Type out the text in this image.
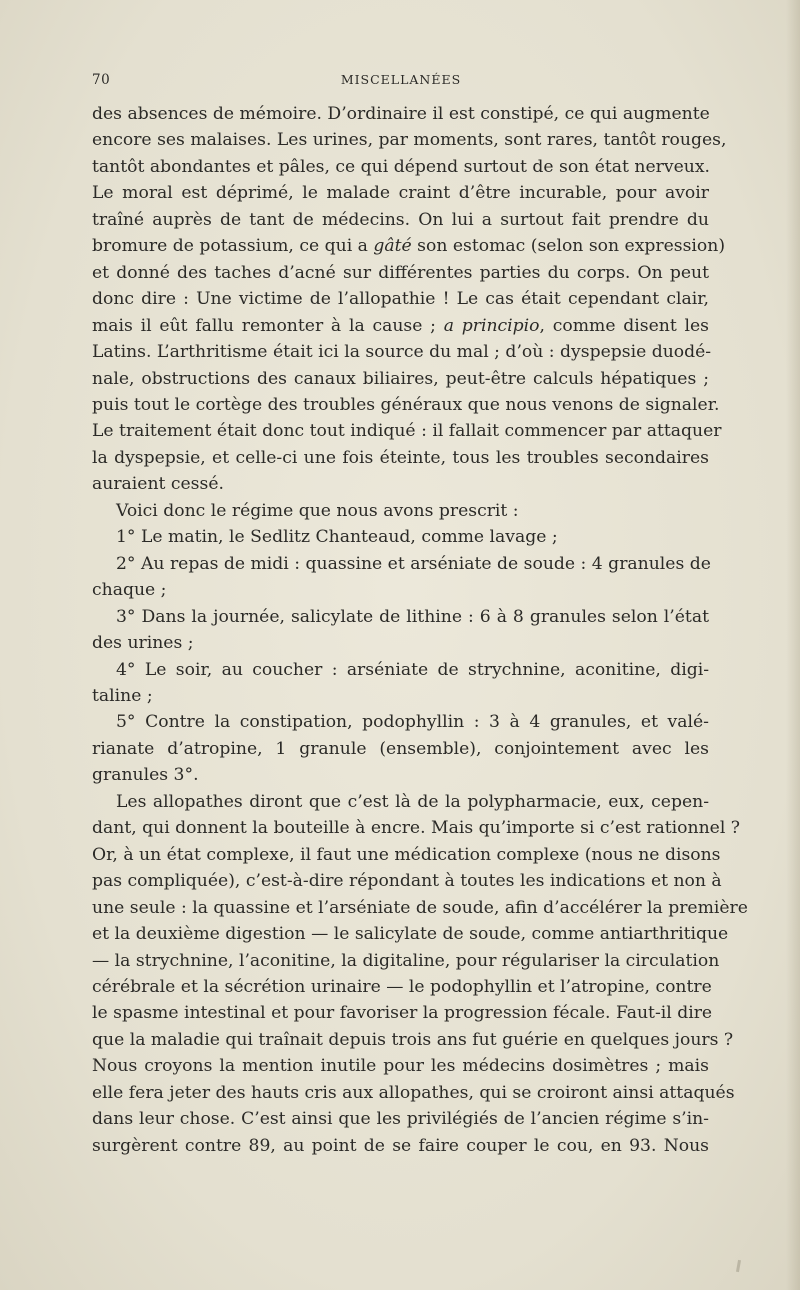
70	MISCELLANÉES
des absences de mémoire. D’ordinaire il est constipé, ce qui augmente
encore ses malaises. Les urines, par moments, sont rares, tantôt rouges,
tantôt abondantes et pâles, ce qui dépend surtout de son état nerveux.
Le moral est déprimé, le malade craint d’être incurable, pour avoir
traîné auprès de tant de médecins. On lui a surtout fait prendre du
bromure de potassium, ce qui a gâté son estomac (selon son expression)
et donné des taches d’acné sur différentes parties du corps. On peut
donc dire : Une victime de l’allopathie ! Le cas était cependant clair,
mais il eût fallu remonter à la cause ; a principio, comme disent les
Latins. L’arthritisme était ici la source du mal ; d’où : dyspepsie duodé-
nale, obstructions des canaux biliaires, peut-être calculs hépatiques ;
puis tout le cortège des troubles généraux que nous venons de signaler.
Le traitement était donc tout indiqué : il fallait commencer par attaquer
la dyspepsie, et celle-ci une fois éteinte, tous les troubles secondaires
auraient cessé.
Voici donc le régime que nous avons prescrit :
1° Le matin, le Sedlitz Chanteaud, comme lavage ;
2° Au repas de midi : quassine et arséniate de soude : 4 granules de
chaque ;
3° Dans la journée, salicylate de lithine : 6 à 8 granules selon l’état
des urines ;
4° Le soir, au coucher : arséniate de strychnine, aconitine, digi-
taline ;
5° Contre la constipation, podophyllin : 3 à 4 granules, et valé-
rianate d’atropine, 1 granule (ensemble), conjointement avec les
granules 3°.
Les allopathes diront que c’est là de la polypharmacie, eux, cepen-
dant, qui donnent la bouteille à encre. Mais qu’importe si c’est rationnel ?
Or, à un état complexe, il faut une médication complexe (nous ne disons
pas compliquée), c’est-à-dire répondant à toutes les indications et non à
une seule : la quassine et l’arséniate de soude, afin d’accélérer la première
et la deuxième digestion — le salicylate de soude, comme antiarthritique
— la strychnine, l’aconitine, la digitaline, pour régulariser la circulation
cérébrale et la sécrétion urinaire — le podophyllin et l’atropine, contre
le spasme intestinal et pour favoriser la progression fécale. Faut-il dire
que la maladie qui traînait depuis trois ans fut guérie en quelques jours ?
Nous croyons la mention inutile pour les médecins dosimètres ; mais
elle fera jeter des hauts cris aux allopathes, qui se croiront ainsi attaqués
dans leur chose. C’est ainsi que les privilégiés de l’ancien régime s’in-
surgèrent contre 89, au point de se faire couper le cou, en 93. Nous
